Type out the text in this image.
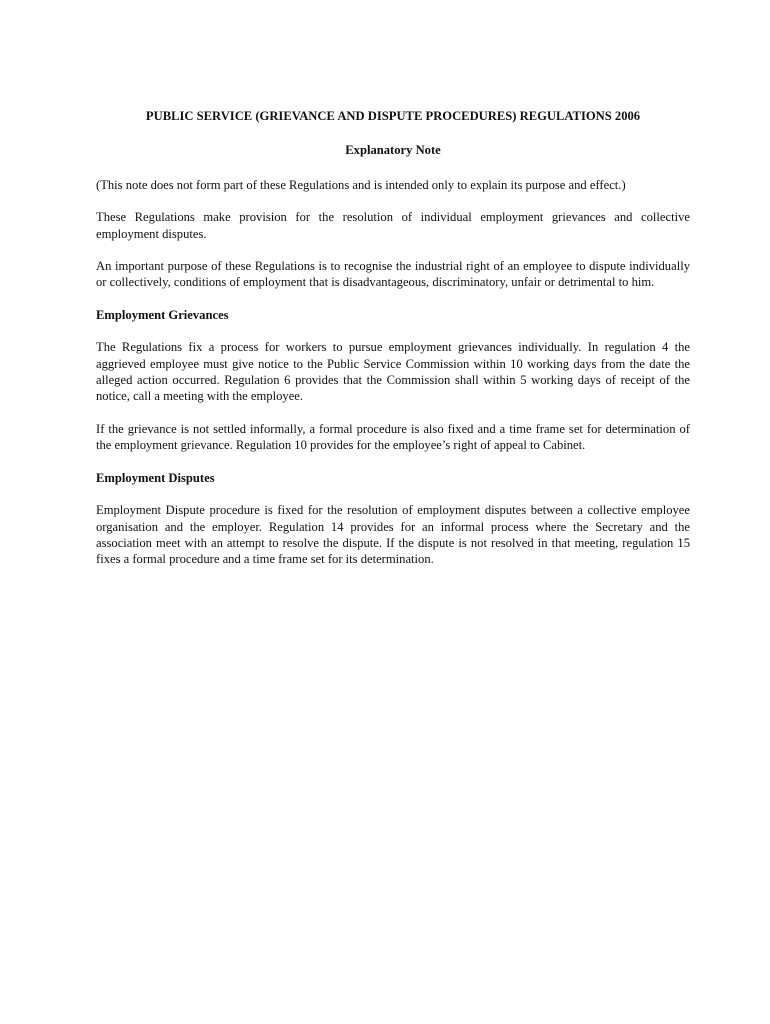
PUBLIC SERVICE (GRIEVANCE AND DISPUTE PROCEDURES) REGULATIONS 2006
Explanatory Note

(This note does not form part of these Regulations and is intended only to explain its purpose and effect.)

These Regulations make provision for the resolution of individual employment grievances and collective employment disputes.

An important purpose of these Regulations is to recognise the industrial right of an employee to dispute individually or collectively, conditions of employment that is disadvantageous, discriminatory, unfair or detrimental to him.

Employment Grievances

The Regulations fix a process for workers to pursue employment grievances individually. In regulation 4 the aggrieved employee must give notice to the Public Service Commission within 10 working days from the date the alleged action occurred. Regulation 6 provides that the Commission shall within 5 working days of receipt of the notice, call a meeting with the employee.

If the grievance is not settled informally, a formal procedure is also fixed and a time frame set for determination of the employment grievance. Regulation 10 provides for the employee’s right of appeal to Cabinet.

Employment Disputes

Employment Dispute procedure is fixed for the resolution of employment disputes between a collective employee organisation and the employer. Regulation 14 provides for an informal process where the Secretary and the association meet with an attempt to resolve the dispute. If the dispute is not resolved in that meeting, regulation 15 fixes a formal procedure and a time frame set for its determination.
